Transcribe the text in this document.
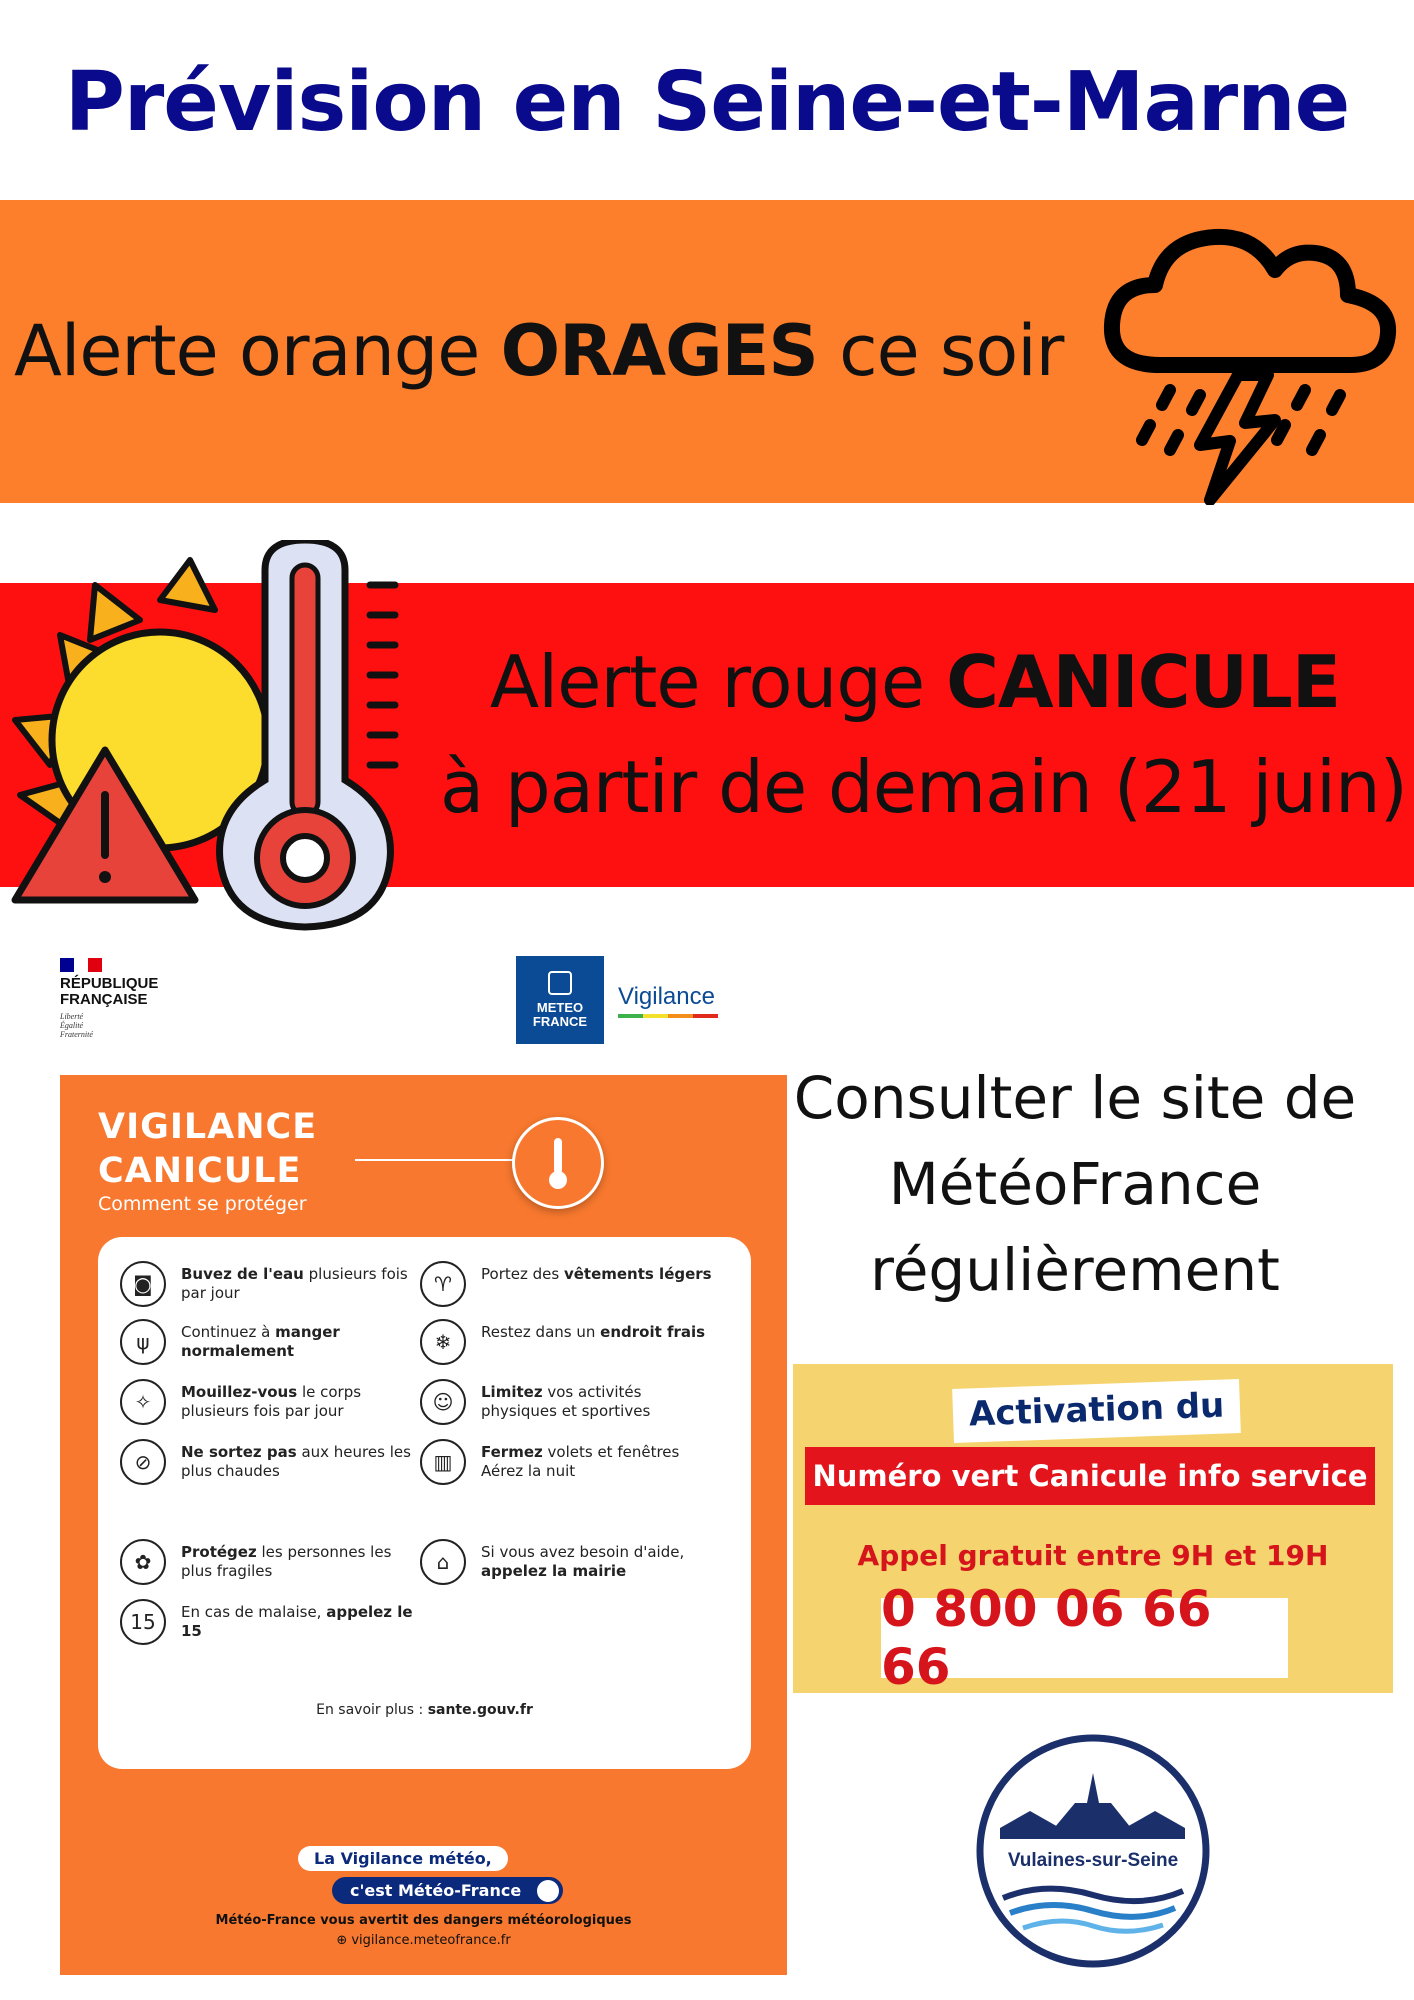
Prévision en Seine-et-Marne
Alerte orange ORAGES ce soir
Alerte rouge CANICULE
à partir de demain (21 juin)
RÉPUBLIQUE
FRANÇAISE
Liberté
Égalité
Fraternité
METEO
FRANCE
Vigilance
VIGILANCE
CANICULE
Comment se protéger
◙	Buvez de l'eau plusieurs fois par jour
ψ	Continuez à manger normalement
✧	Mouillez-vous le corps plusieurs fois par jour
⊘	Ne sortez pas aux heures les plus chaudes
✿	Protégez les personnes les plus fragiles
15	En cas de malaise, appelez le 15
♈	Portez des vêtements légers
❄	Restez dans un endroit frais
☺	Limitez vos activités physiques et sportives
▥	Fermez volets et fenêtres Aérez la nuit
⌂	Si vous avez besoin d'aide, appelez la mairie
En savoir plus : sante.gouv.fr
La Vigilance météo,
c'est Météo-France
Météo-France vous avertit des dangers météorologiques
⊕ vigilance.meteofrance.fr
Consulter le site de
MétéoFrance
régulièrement
Activation du
Numéro vert Canicule info service
Appel gratuit entre 9H et 19H
0 800 06 66 66
Vulaines-sur-Seine
